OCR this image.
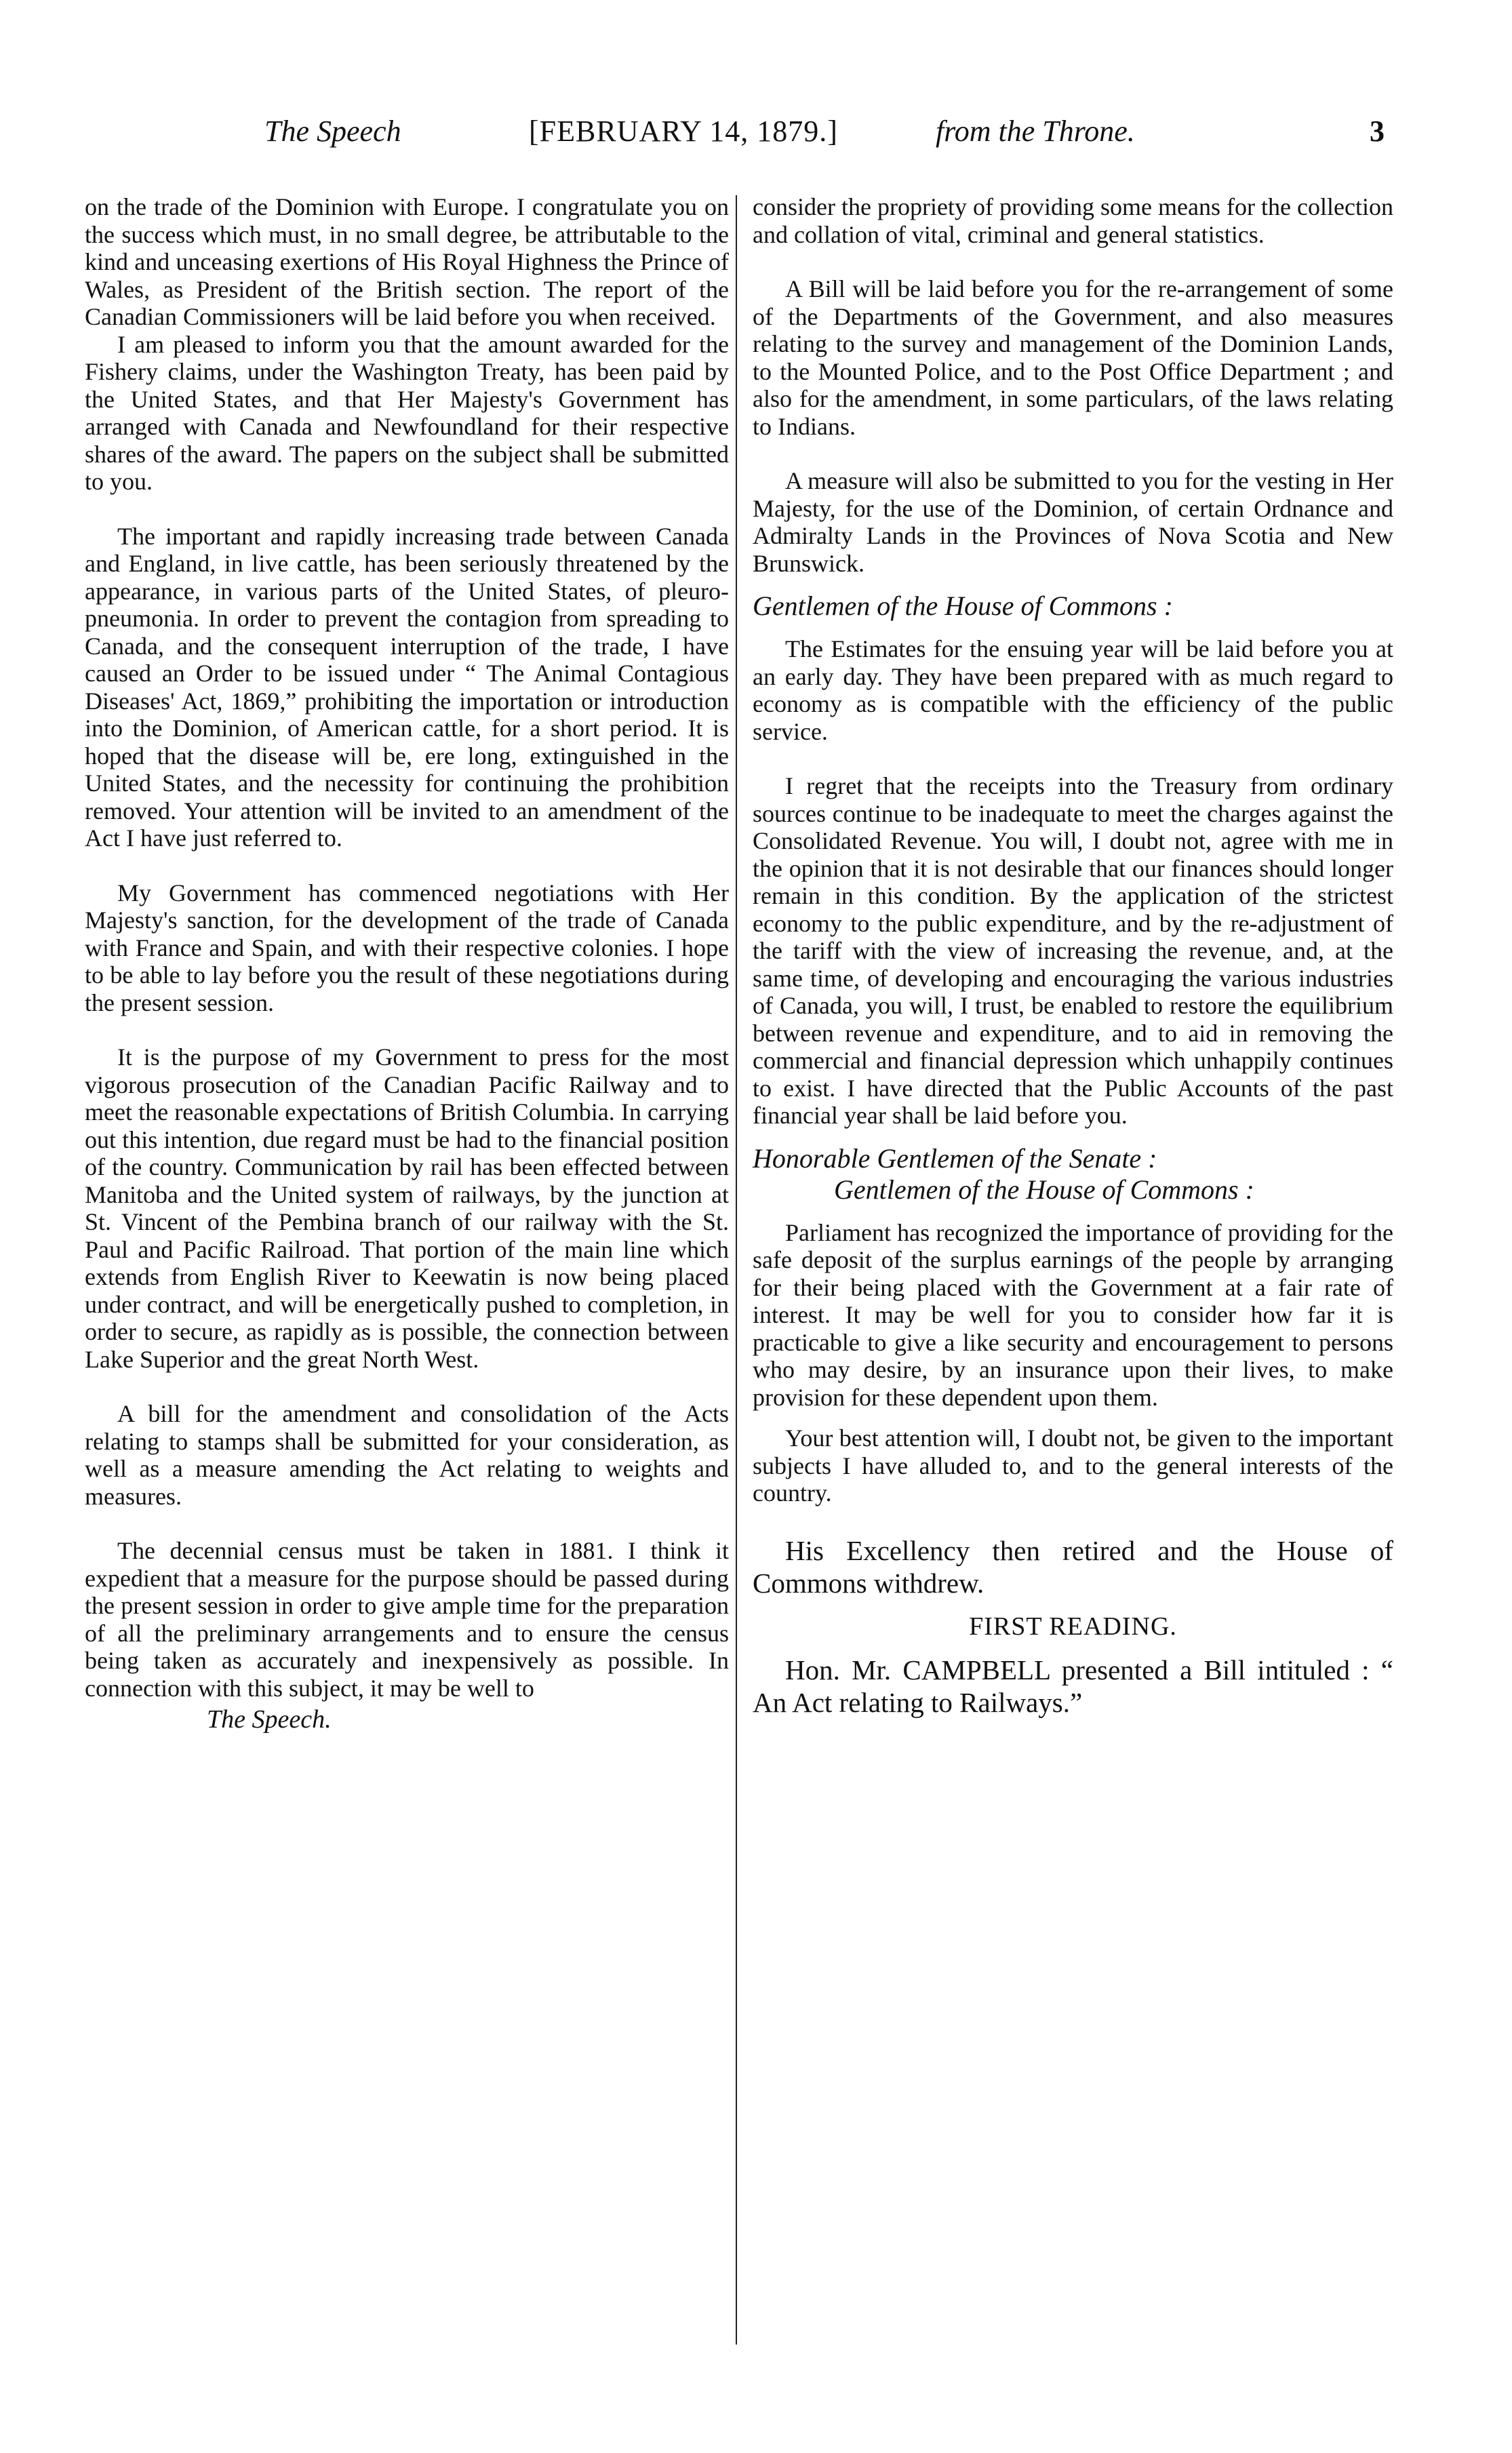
The Speech	[FEBRUARY 14, 1879.]	from the Throne.	3

on the trade of the Dominion with Europe. I congratulate you on the success which must, in no small degree, be attributable to the kind and unceasing exertions of His Royal Highness the Prince of Wales, as President of the British section. The report of the Canadian Commissioners will be laid before you when received.

I am pleased to inform you that the amount awarded for the Fishery claims, under the Washington Treaty, has been paid by the United States, and that Her Majesty's Government has arranged with Canada and Newfoundland for their respective shares of the award. The papers on the subject shall be submitted to you.

The important and rapidly increasing trade between Canada and England, in live cattle, has been seriously threatened by the appearance, in various parts of the United States, of pleuro-pneumonia. In order to prevent the contagion from spreading to Canada, and the consequent interruption of the trade, I have caused an Order to be issued under “ The Animal Contagious Diseases' Act, 1869,” prohibiting the importation or introduction into the Dominion, of American cattle, for a short period. It is hoped that the disease will be, ere long, extinguished in the United States, and the necessity for continuing the prohibition removed. Your attention will be invited to an amendment of the Act I have just referred to.

My Government has commenced negotiations with Her Majesty's sanction, for the development of the trade of Canada with France and Spain, and with their respective colonies. I hope to be able to lay before you the result of these negotiations during the present session.

It is the purpose of my Government to press for the most vigorous prosecution of the Canadian Pacific Railway and to meet the reasonable expectations of British Columbia. In carrying out this intention, due regard must be had to the financial position of the country. Communication by rail has been effected between Manitoba and the United system of railways, by the junction at St. Vincent of the Pembina branch of our railway with the St. Paul and Pacific Railroad. That portion of the main line which extends from English River to Keewatin is now being placed under contract, and will be energetically pushed to completion, in order to secure, as rapidly as is possible, the connection between Lake Superior and the great North West.

A bill for the amendment and consolidation of the Acts relating to stamps shall be submitted for your consideration, as well as a measure amending the Act relating to weights and measures.

The decennial census must be taken in 1881. I think it expedient that a measure for the purpose should be passed during the present session in order to give ample time for the preparation of all the preliminary arrangements and to ensure the census being taken as accurately and inexpensively as possible. In connection with this subject, it may be well to

The Speech.

consider the propriety of providing some means for the collection and collation of vital, criminal and general statistics.

A Bill will be laid before you for the re-arrangement of some of the Departments of the Government, and also measures relating to the survey and management of the Dominion Lands, to the Mounted Police, and to the Post Office Department ; and also for the amendment, in some particulars, of the laws relating to Indians.

A measure will also be submitted to you for the vesting in Her Majesty, for the use of the Dominion, of certain Ordnance and Admiralty Lands in the Provinces of Nova Scotia and New Brunswick.

Gentlemen of the House of Commons :

The Estimates for the ensuing year will be laid before you at an early day. They have been prepared with as much regard to economy as is compatible with the efficiency of the public service.

I regret that the receipts into the Treasury from ordinary sources continue to be inadequate to meet the charges against the Consolidated Revenue. You will, I doubt not, agree with me in the opinion that it is not desirable that our finances should longer remain in this condition. By the application of the strictest economy to the public expenditure, and by the re-adjustment of the tariff with the view of increasing the revenue, and, at the same time, of developing and encouraging the various industries of Canada, you will, I trust, be enabled to restore the equilibrium between revenue and expenditure, and to aid in removing the commercial and financial depression which unhappily continues to exist. I have directed that the Public Accounts of the past financial year shall be laid before you.

Honorable Gentlemen of the Senate :

Gentlemen of the House of Commons :

Parliament has recognized the importance of providing for the safe deposit of the surplus earnings of the people by arranging for their being placed with the Government at a fair rate of interest. It may be well for you to consider how far it is practicable to give a like security and encouragement to persons who may desire, by an insurance upon their lives, to make provision for these dependent upon them.

Your best attention will, I doubt not, be given to the important subjects I have alluded to, and to the general interests of the country.

His Excellency then retired and the House of Commons withdrew.

FIRST READING.

Hon. Mr. CAMPBELL presented a Bill intituled : “ An Act relating to Railways.”
